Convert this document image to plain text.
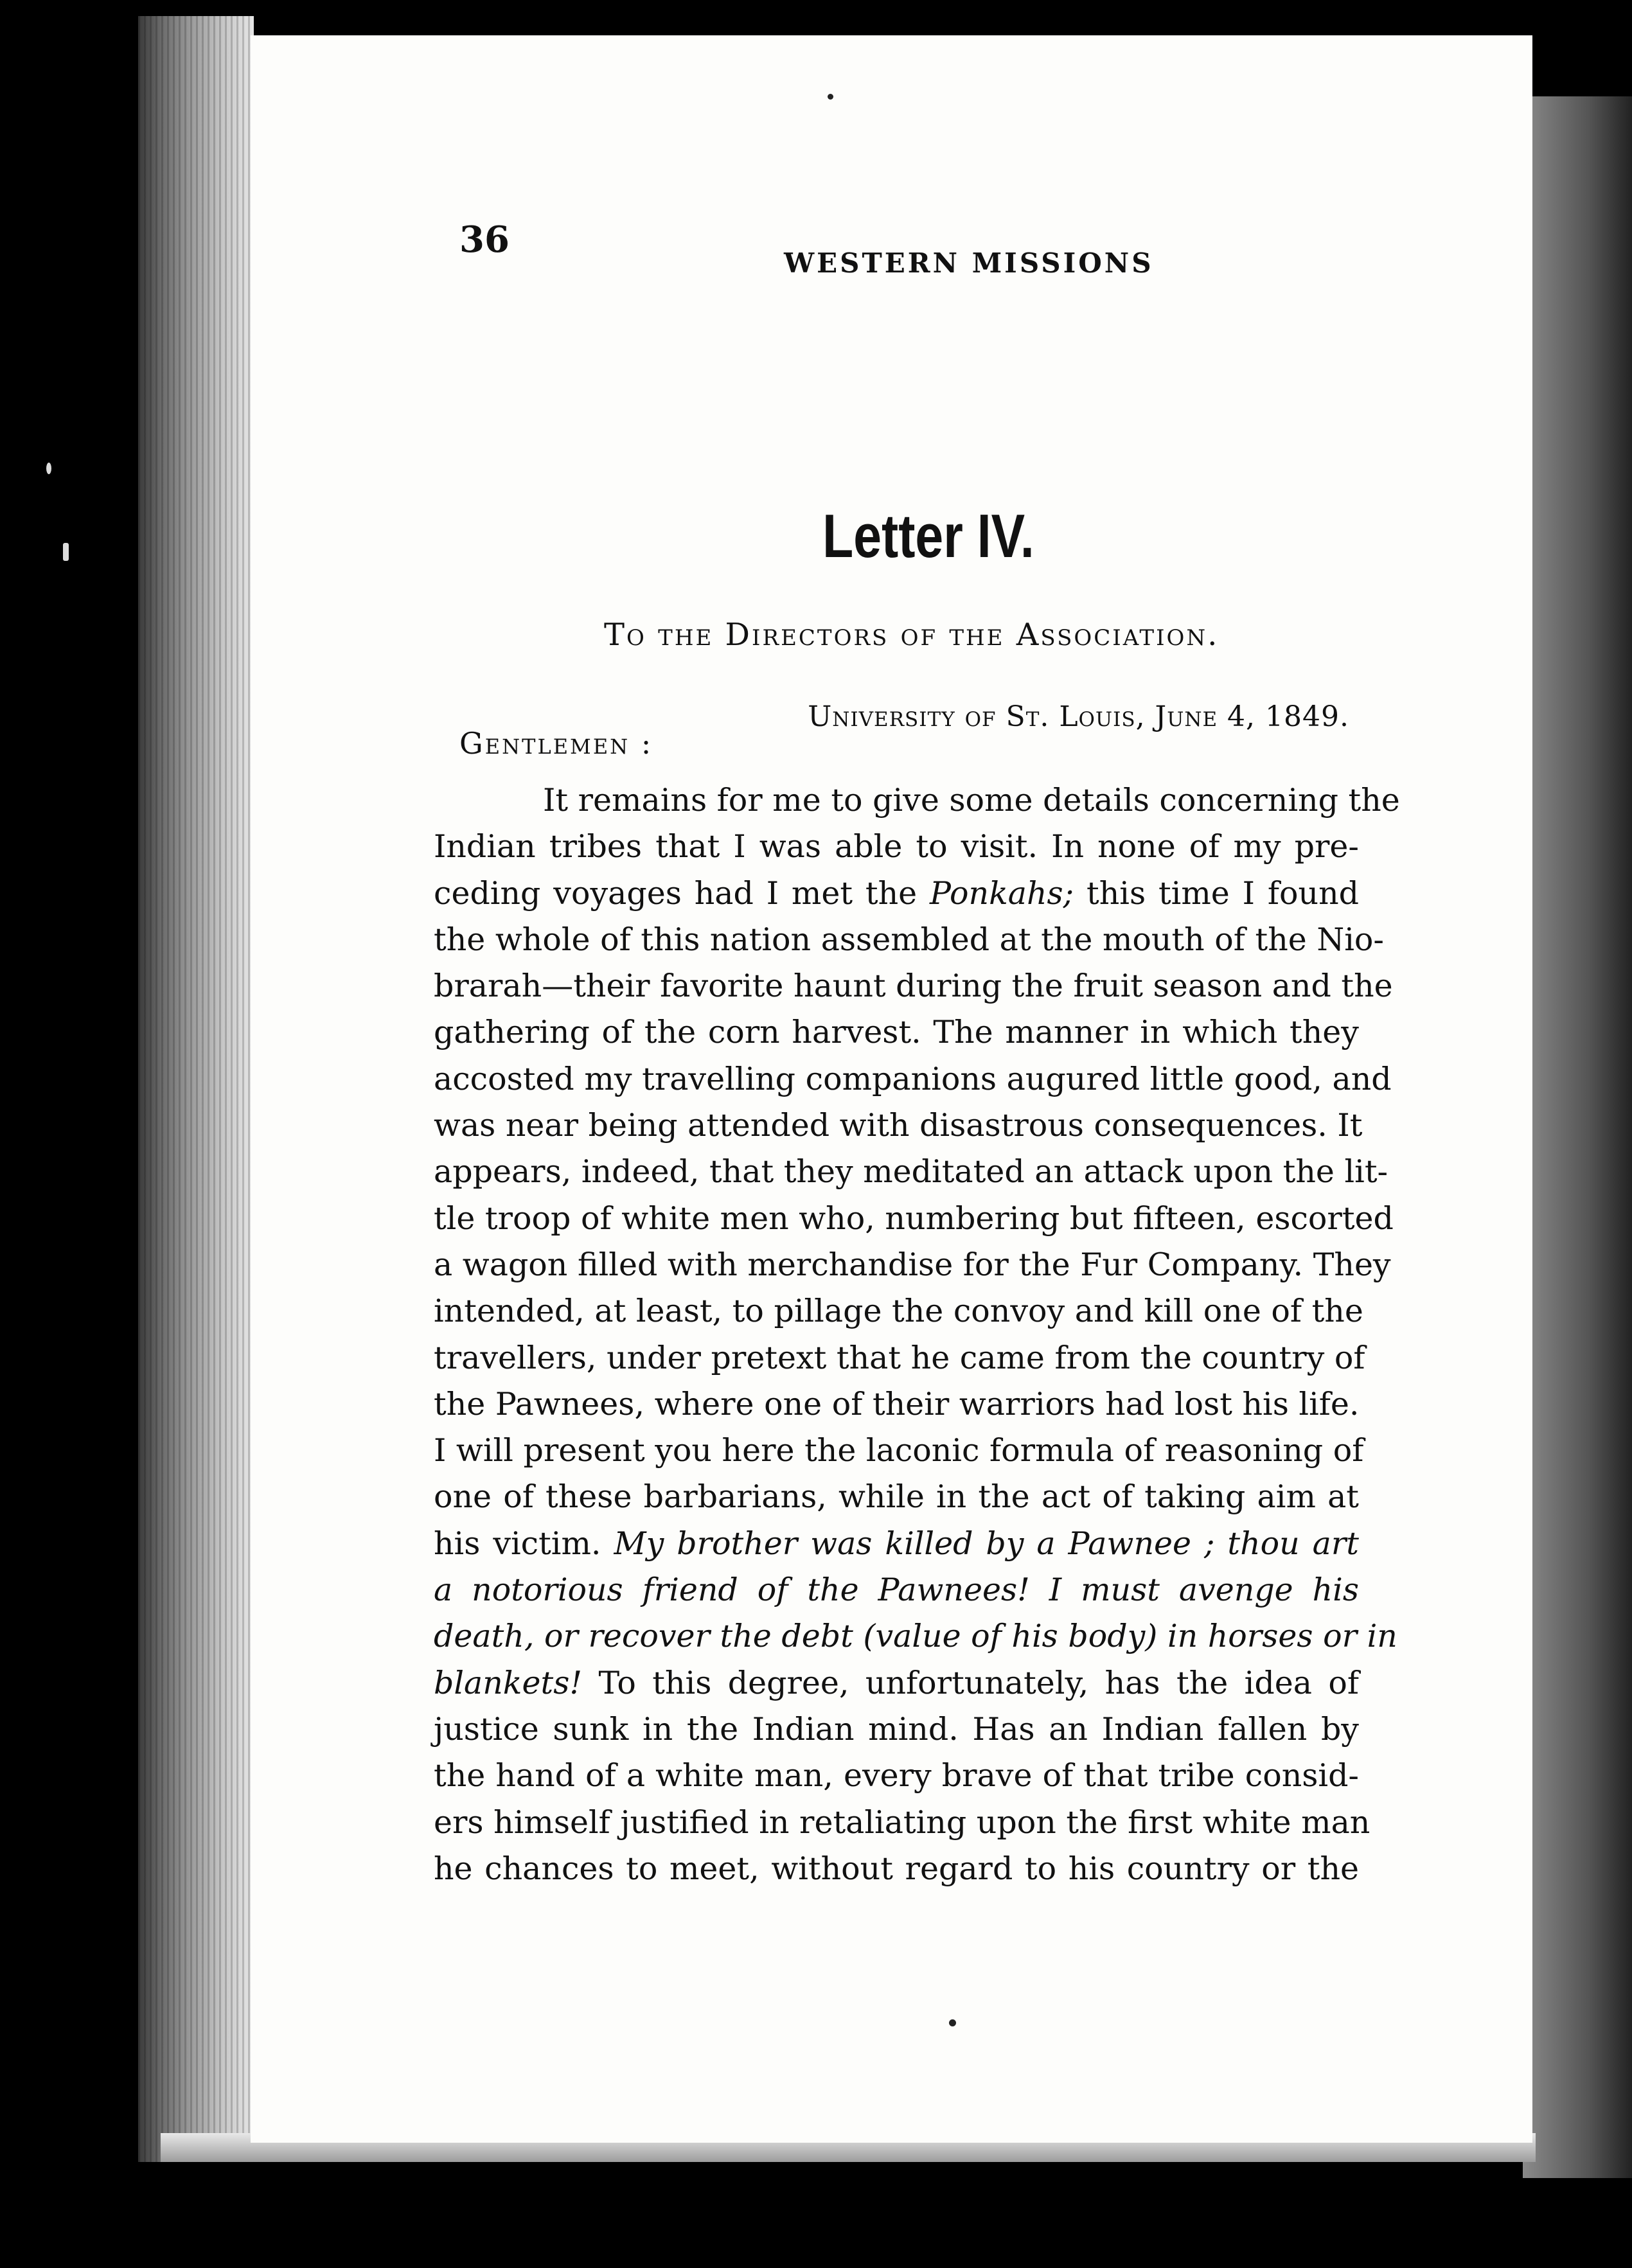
36
WESTERN MISSIONS
Letter IV.
To the Directors of the Association.
University of St. Louis, June 4, 1849.
Gentlemen :
It remains for me to give some details concerning the
Indian tribes that I was able to visit. In none of my pre-
ceding voyages had I met the Ponkahs; this time I found
the whole of this nation assembled at the mouth of the Nio-
brarah—their favorite haunt during the fruit season and the
gathering of the corn harvest. The manner in which they
accosted my travelling companions augured little good, and
was near being attended with disastrous consequences. It
appears, indeed, that they meditated an attack upon the lit-
tle troop of white men who, numbering but fifteen, escorted
a wagon filled with merchandise for the Fur Company. They
intended, at least, to pillage the convoy and kill one of the
travellers, under pretext that he came from the country of
the Pawnees, where one of their warriors had lost his life.
I will present you here the laconic formula of reasoning of
one of these barbarians, while in the act of taking aim at
his victim. My brother was killed by a Pawnee ; thou art
a notorious friend of the Pawnees! I must avenge his
death, or recover the debt (value of his body) in horses or in
blankets! To this degree, unfortunately, has the idea of
justice sunk in the Indian mind. Has an Indian fallen by
the hand of a white man, every brave of that tribe consid-
ers himself justified in retaliating upon the first white man
he chances to meet, without regard to his country or the
